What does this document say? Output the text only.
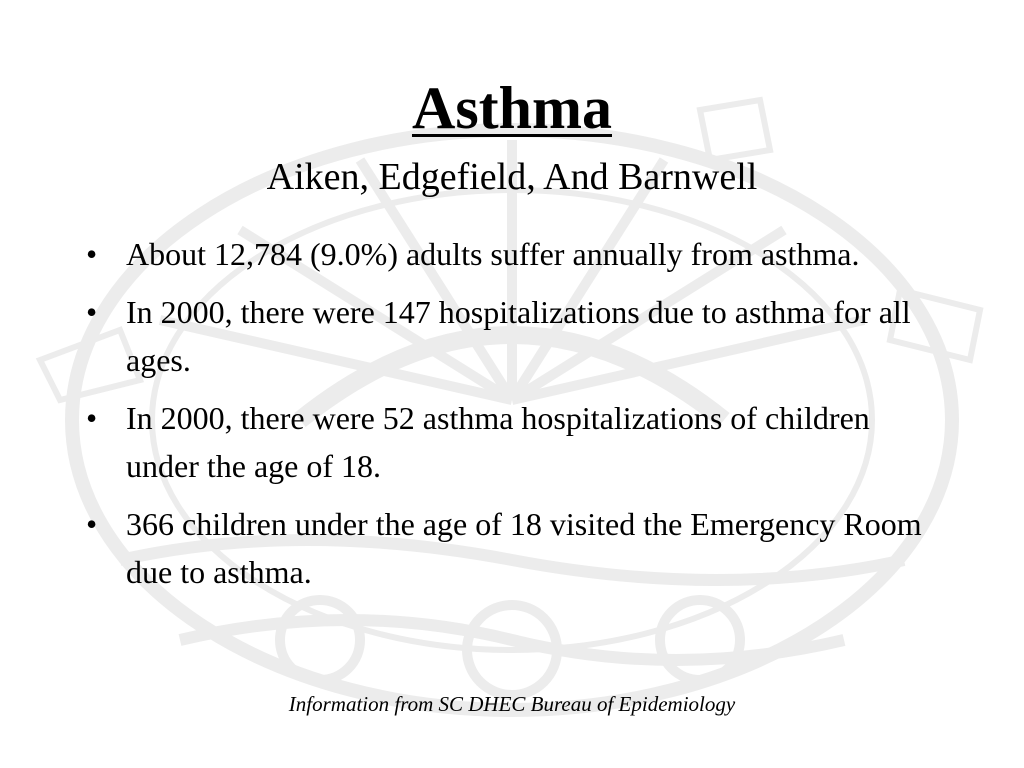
Asthma
Aiken, Edgefield, And Barnwell
• About 12,784 (9.0%) adults suffer annually from asthma.
• In 2000, there were 147 hospitalizations due to asthma for all ages.
• In 2000, there were 52 asthma hospitalizations of children under the age of 18.
• 366 children under the age of 18 visited the Emergency Room due to asthma.
Information from SC DHEC Bureau of Epidemiology
